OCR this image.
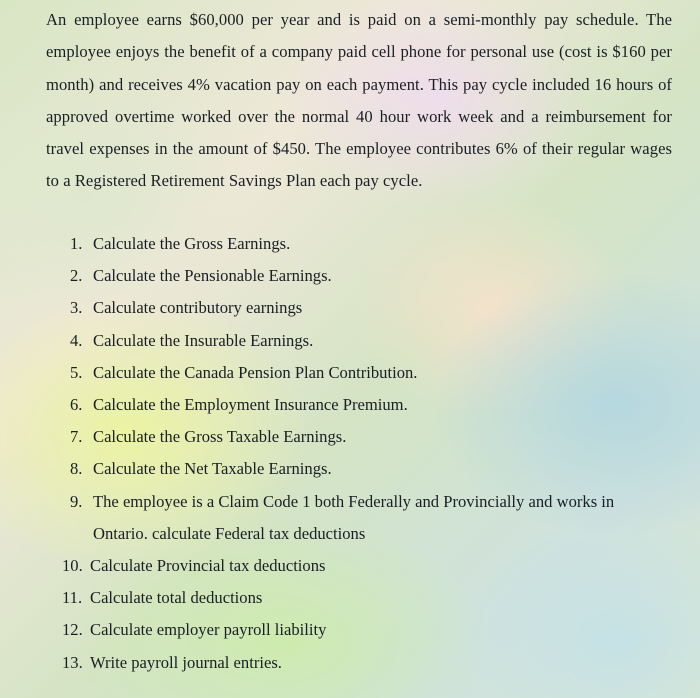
An employee earns $60,000 per year and is paid on a semi-monthly pay schedule. The employee enjoys the benefit of a company paid cell phone for personal use (cost is $160 per month) and receives 4% vacation pay on each payment. This pay cycle included 16 hours of approved overtime worked over the normal 40 hour work week and a reimbursement for travel expenses in the amount of $450. The employee contributes 6% of their regular wages to a Registered Retirement Savings Plan each pay cycle.

1. Calculate the Gross Earnings.
2. Calculate the Pensionable Earnings.
3. Calculate contributory earnings
4. Calculate the Insurable Earnings.
5. Calculate the Canada Pension Plan Contribution.
6. Calculate the Employment Insurance Premium.
7. Calculate the Gross Taxable Earnings.
8. Calculate the Net Taxable Earnings.
9. The employee is a Claim Code 1 both Federally and Provincially and works in Ontario. calculate Federal tax deductions
10. Calculate Provincial tax deductions
11. Calculate total deductions
12. Calculate employer payroll liability
13. Write payroll journal entries.
